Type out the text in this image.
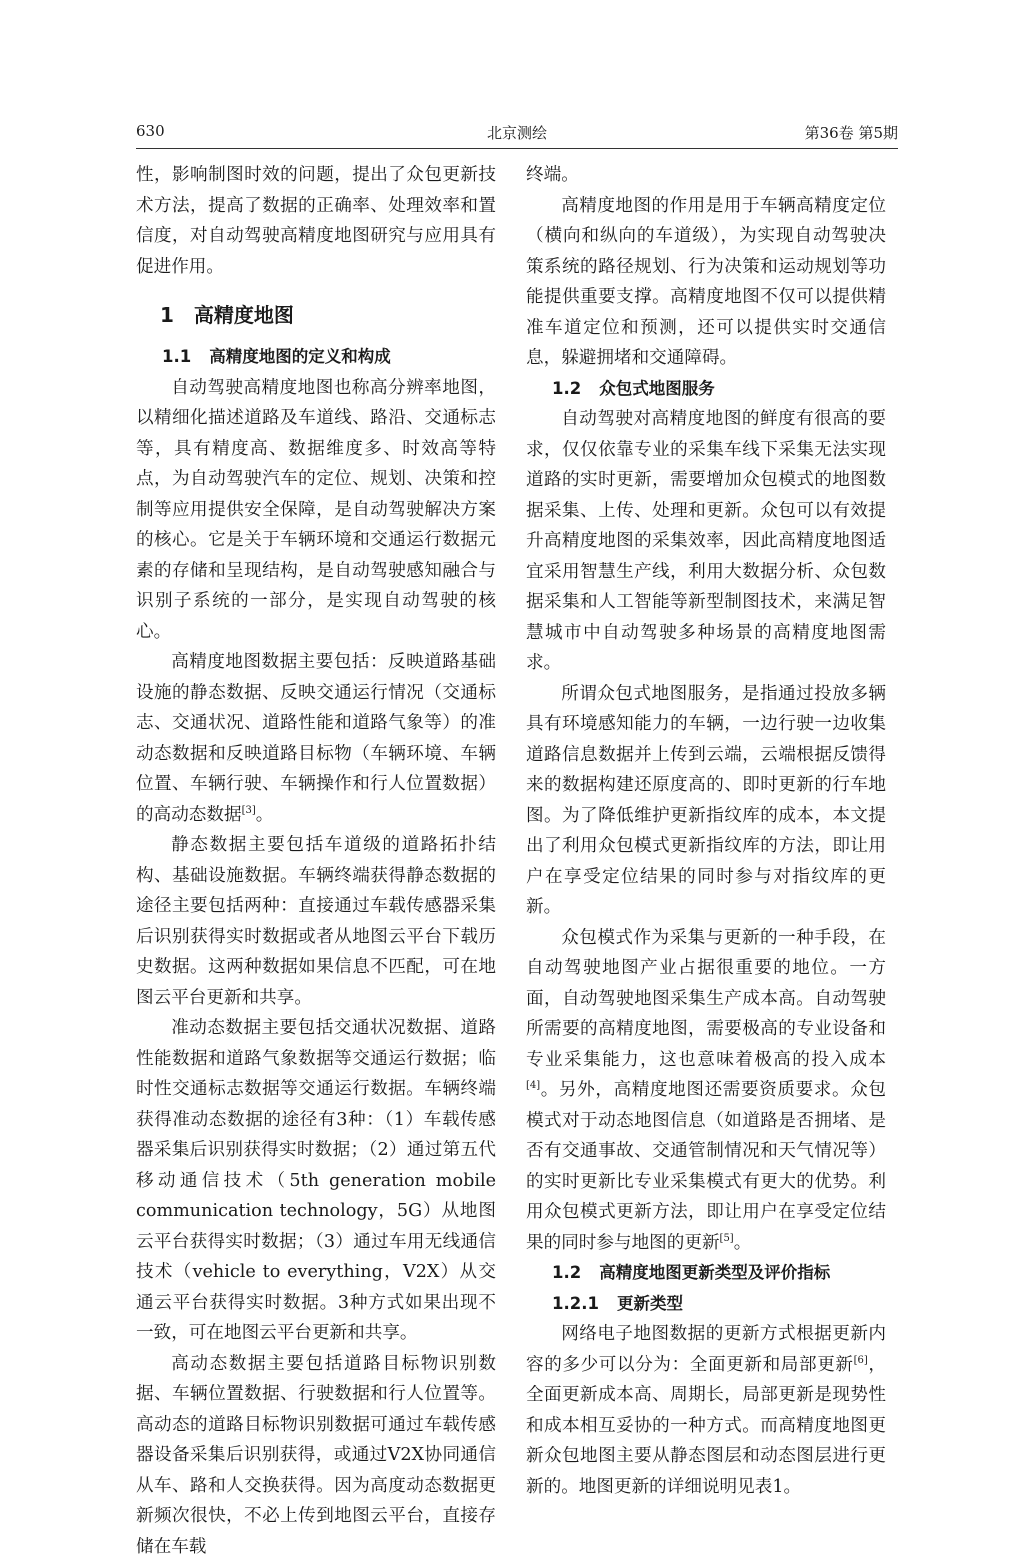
630	北京测绘	第36卷 第5期

性，影响制图时效的问题，提出了众包更新技术方法，提高了数据的正确率、处理效率和置信度，对自动驾驶高精度地图研究与应用具有促进作用。

1 高精度地图
1.1 高精度地图的定义和构成

自动驾驶高精度地图也称高分辨率地图，以精细化描述道路及车道线、路沿、交通标志等，具有精度高、数据维度多、时效高等特点，为自动驾驶汽车的定位、规划、决策和控制等应用提供安全保障，是自动驾驶解决方案的核心。它是关于车辆环境和交通运行数据元素的存储和呈现结构，是自动驾驶感知融合与识别子系统的一部分，是实现自动驾驶的核心。

高精度地图数据主要包括：反映道路基础设施的静态数据、反映交通运行情况（交通标志、交通状况、道路性能和道路气象等）的准动态数据和反映道路目标物（车辆环境、车辆位置、车辆行驶、车辆操作和行人位置数据）的高动态数据[3]。

静态数据主要包括车道级的道路拓扑结构、基础设施数据。车辆终端获得静态数据的途径主要包括两种：直接通过车载传感器采集后识别获得实时数据或者从地图云平台下载历史数据。这两种数据如果信息不匹配，可在地图云平台更新和共享。

准动态数据主要包括交通状况数据、道路性能数据和道路气象数据等交通运行数据；临时性交通标志数据等交通运行数据。车辆终端获得准动态数据的途径有3种：（1）车载传感器采集后识别获得实时数据；（2）通过第五代移动通信技术（5th generation mobile communication technology，5G）从地图云平台获得实时数据；（3）通过车用无线通信技术（vehicle to everything，V2X）从交通云平台获得实时数据。3种方式如果出现不一致，可在地图云平台更新和共享。

高动态数据主要包括道路目标物识别数据、车辆位置数据、行驶数据和行人位置等。高动态的道路目标物识别数据可通过车载传感器设备采集后识别获得，或通过V2X协同通信从车、路和人交换获得。因为高度动态数据更新频次很快，不必上传到地图云平台，直接存储在车载

终端。

高精度地图的作用是用于车辆高精度定位（横向和纵向的车道级），为实现自动驾驶决策系统的路径规划、行为决策和运动规划等功能提供重要支撑。高精度地图不仅可以提供精准车道定位和预测，还可以提供实时交通信息，躲避拥堵和交通障碍。

1.2 众包式地图服务

自动驾驶对高精度地图的鲜度有很高的要求，仅仅依靠专业的采集车线下采集无法实现道路的实时更新，需要增加众包模式的地图数据采集、上传、处理和更新。众包可以有效提升高精度地图的采集效率，因此高精度地图适宜采用智慧生产线，利用大数据分析、众包数据采集和人工智能等新型制图技术，来满足智慧城市中自动驾驶多种场景的高精度地图需求。

所谓众包式地图服务，是指通过投放多辆具有环境感知能力的车辆，一边行驶一边收集道路信息数据并上传到云端，云端根据反馈得来的数据构建还原度高的、即时更新的行车地图。为了降低维护更新指纹库的成本，本文提出了利用众包模式更新指纹库的方法，即让用户在享受定位结果的同时参与对指纹库的更新。

众包模式作为采集与更新的一种手段，在自动驾驶地图产业占据很重要的地位。一方面，自动驾驶地图采集生产成本高。自动驾驶所需要的高精度地图，需要极高的专业设备和专业采集能力，这也意味着极高的投入成本[4]。另外，高精度地图还需要资质要求。众包模式对于动态地图信息（如道路是否拥堵、是否有交通事故、交通管制情况和天气情况等）的实时更新比专业采集模式有更大的优势。利用众包模式更新方法，即让用户在享受定位结果的同时参与地图的更新[5]。

1.2 高精度地图更新类型及评价指标
1.2.1 更新类型

网络电子地图数据的更新方式根据更新内容的多少可以分为：全面更新和局部更新[6]，全面更新成本高、周期长，局部更新是现势性和成本相互妥协的一种方式。而高精度地图更新众包地图主要从静态图层和动态图层进行更新的。地图更新的详细说明见表1。
